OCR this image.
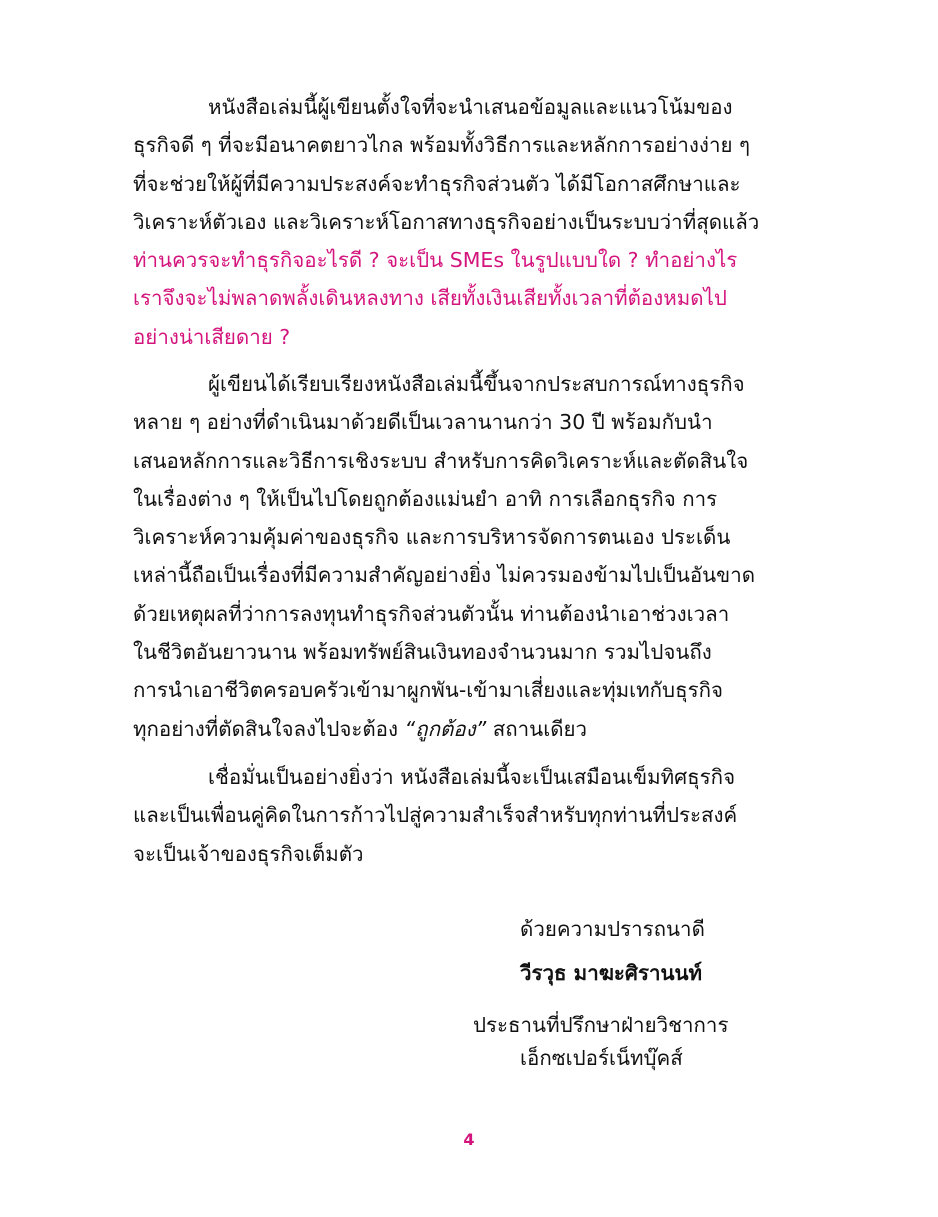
หนังสือเล่มนี้ผู้เขียนตั้งใจที่จะนำเสนอข้อมูลและแนวโน้มของ
ธุรกิจดี ๆ ที่จะมีอนาคตยาวไกล พร้อมทั้งวิธีการและหลักการอย่างง่าย ๆ
ที่จะช่วยให้ผู้ที่มีความประสงค์จะทำธุรกิจส่วนตัว ได้มีโอกาสศึกษาและ
วิเคราะห์ตัวเอง และวิเคราะห์โอกาสทางธุรกิจอย่างเป็นระบบว่าที่สุดแล้ว
ท่านควรจะทำธุรกิจอะไรดี ? จะเป็น SMEs ในรูปแบบใด ? ทำอย่างไร
เราจึงจะไม่พลาดพลั้งเดินหลงทาง เสียทั้งเงินเสียทั้งเวลาที่ต้องหมดไป
อย่างน่าเสียดาย ?
ผู้เขียนได้เรียบเรียงหนังสือเล่มนี้ขึ้นจากประสบการณ์ทางธุรกิจ
หลาย ๆ อย่างที่ดำเนินมาด้วยดีเป็นเวลานานกว่า 30 ปี พร้อมกับนำ
เสนอหลักการและวิธีการเชิงระบบ สำหรับการคิดวิเคราะห์และตัดสินใจ
ในเรื่องต่าง ๆ ให้เป็นไปโดยถูกต้องแม่นยำ อาทิ การเลือกธุรกิจ การ
วิเคราะห์ความคุ้มค่าของธุรกิจ และการบริหารจัดการตนเอง ประเด็น
เหล่านี้ถือเป็นเรื่องที่มีความสำคัญอย่างยิ่ง ไม่ควรมองข้ามไปเป็นอันขาด
ด้วยเหตุผลที่ว่าการลงทุนทำธุรกิจส่วนตัวนั้น ท่านต้องนำเอาช่วงเวลา
ในชีวิตอันยาวนาน พร้อมทรัพย์สินเงินทองจำนวนมาก รวมไปจนถึง
การนำเอาชีวิตครอบครัวเข้ามาผูกพัน-เข้ามาเสี่ยงและทุ่มเทกับธุรกิจ
ทุกอย่างที่ตัดสินใจลงไปจะต้อง “ถูกต้อง” สถานเดียว
เชื่อมั่นเป็นอย่างยิ่งว่า หนังสือเล่มนี้จะเป็นเสมือนเข็มทิศธุรกิจ
และเป็นเพื่อนคู่คิดในการก้าวไปสู่ความสำเร็จสำหรับทุกท่านที่ประสงค์
จะเป็นเจ้าของธุรกิจเต็มตัว
ด้วยความปรารถนาดี
วีรวุธ มาฆะศิรานนท์
ประธานที่ปรึกษาฝ่ายวิชาการ
เอ็กซเปอร์เน็ทบุ๊คส์
4
